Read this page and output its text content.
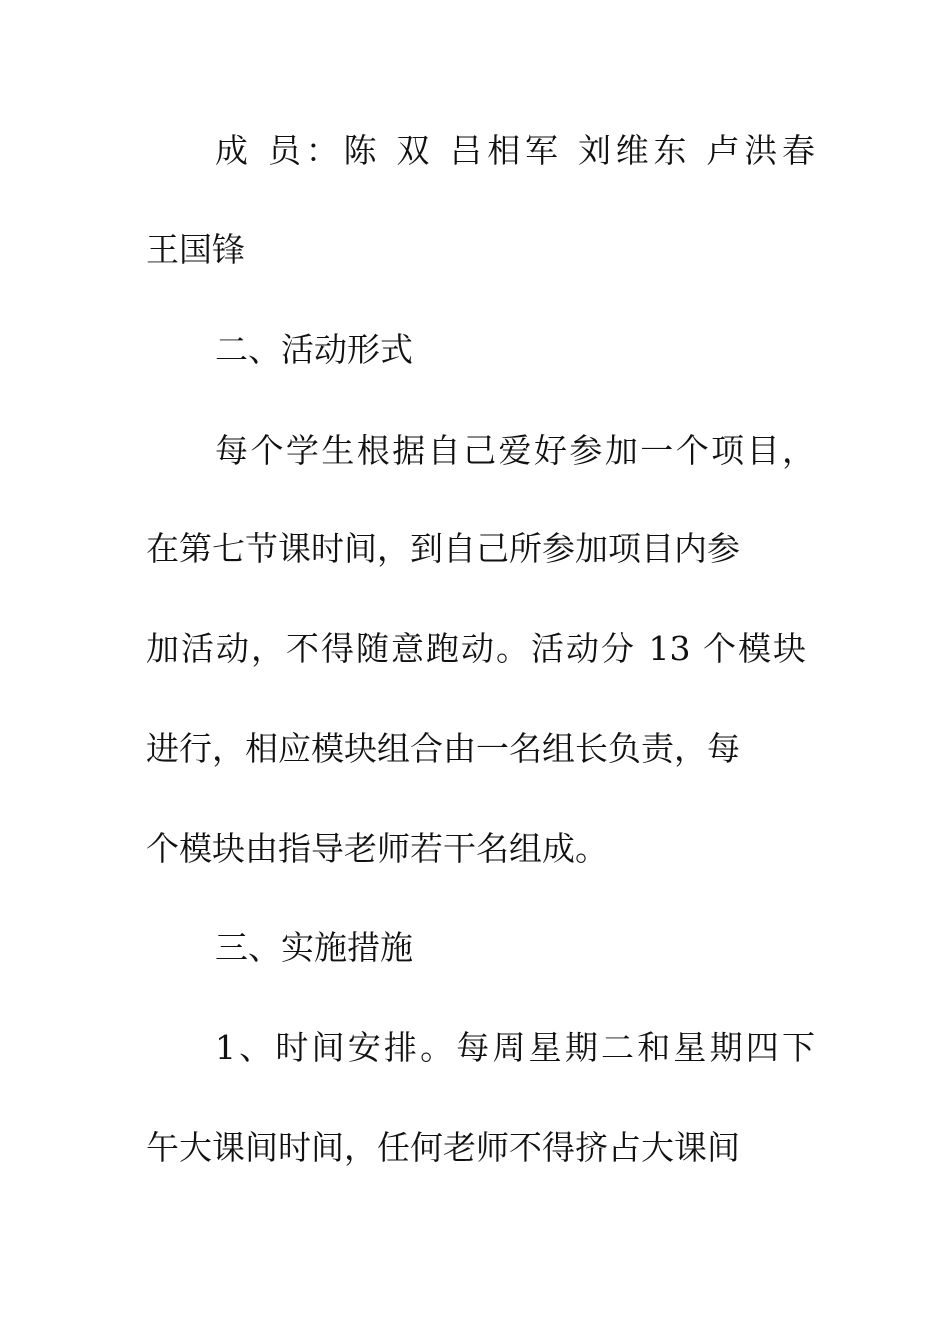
成 员：陈 双 吕相军 刘维东 卢洪春
王国锋
二、活动形式
每个学生根据自己爱好参加一个项目，
在第七节课时间，到自己所参加项目内参
加活动，不得随意跑动。活动分 13 个模块
进行，相应模块组合由一名组长负责，每
个模块由指导老师若干名组成。
三、实施措施
1、时间安排。每周星期二和星期四下
午大课间时间，任何老师不得挤占大课间
